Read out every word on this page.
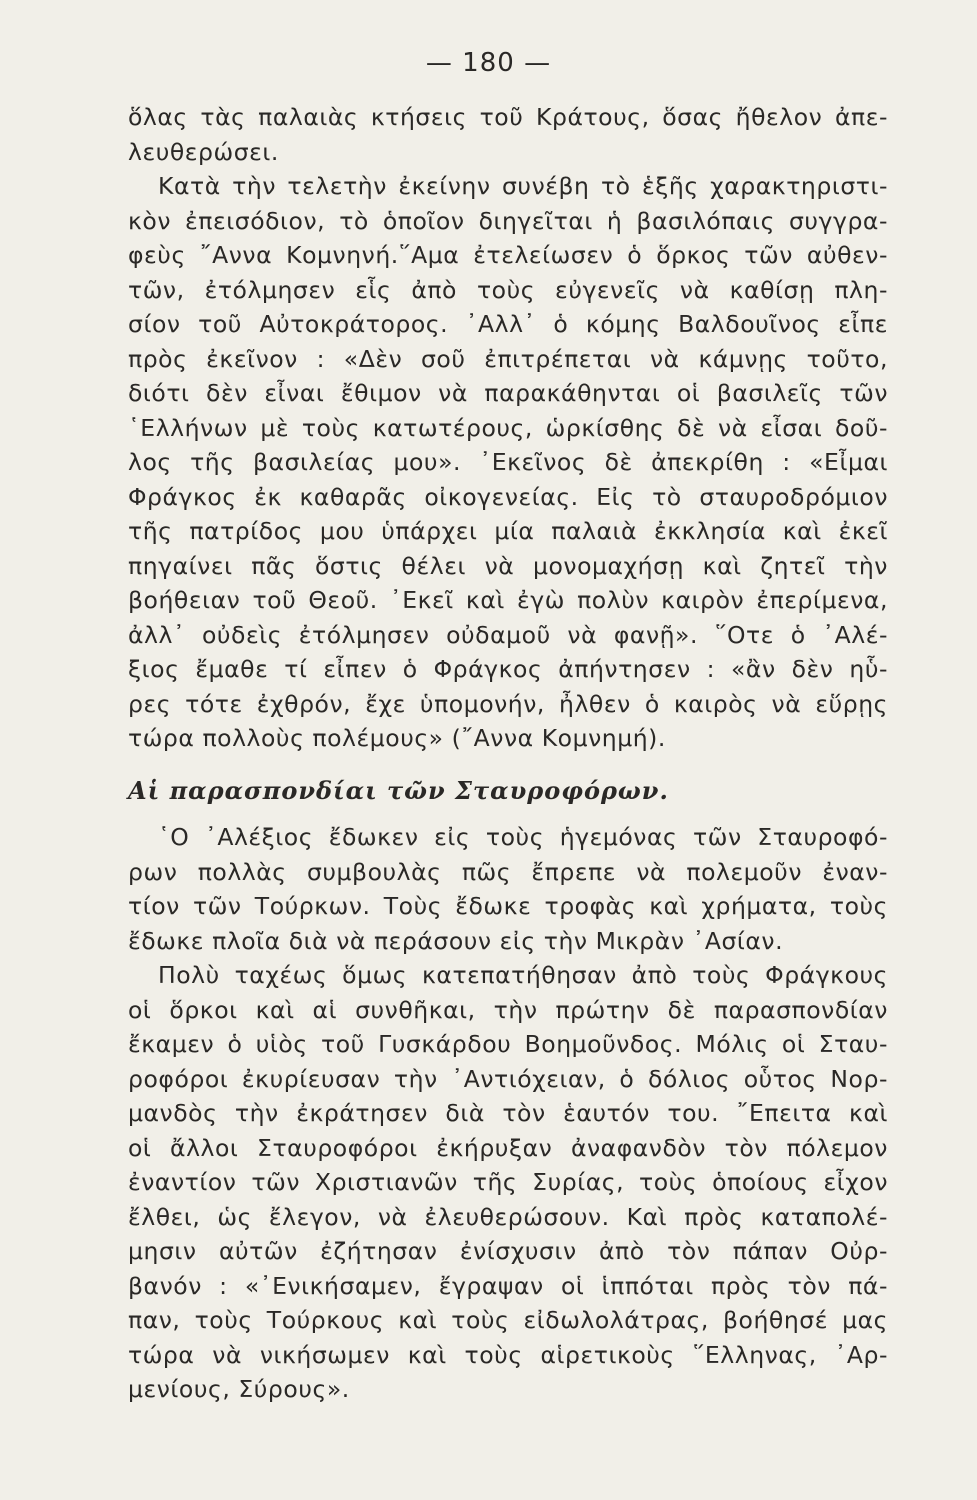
— 180 —
ὅλας τὰς παλαιὰς κτήσεις τοῦ Κράτους, ὅσας ἤθελον ἀπε-
λευθερώσει.
Κατὰ τὴν τελετὴν ἐκείνην συνέβη τὸ ἑξῆς χαρακτηριστι-
κὸν ἐπεισόδιον, τὸ ὁποῖον διηγεῖται ἡ βασιλόπαις συγγρα-
φεὺς ῎Αννα Κομνηνή.῞Αμα ἐτελείωσεν ὁ ὅρκος τῶν αὐθεν-
τῶν, ἐτόλμησεν εἷς ἀπὸ τοὺς εὐγενεῖς νὰ καθίσῃ πλη-
σίον τοῦ Αὐτοκράτορος. ᾿Αλλ᾿ ὁ κόμης Βαλδουῖνος εἶπε
πρὸς ἐκεῖνον : «Δὲν σοῦ ἐπιτρέπεται νὰ κάμνῃς τοῦτο,
διότι δὲν εἶναι ἔθιμον νὰ παρακάθηνται οἱ βασιλεῖς τῶν
῾Ελλήνων μὲ τοὺς κατωτέρους, ὡρκίσθης δὲ νὰ εἶσαι δοῦ-
λος τῆς βασιλείας μου». ᾿Εκεῖνος δὲ ἀπεκρίθη : «Εἶμαι
Φράγκος ἐκ καθαρᾶς οἰκογενείας. Εἰς τὸ σταυροδρόμιον
τῆς πατρίδος μου ὑπάρχει μία παλαιὰ ἐκκλησία καὶ ἐκεῖ
πηγαίνει πᾶς ὅστις θέλει νὰ μονομαχήσῃ καὶ ζητεῖ τὴν
βοήθειαν τοῦ Θεοῦ. ᾿Εκεῖ καὶ ἐγὼ πολὺν καιρὸν ἐπερίμενα,
ἀλλ᾿ οὐδεὶς ἐτόλμησεν οὐδαμοῦ νὰ φανῇ». ῞Οτε ὁ ᾿Αλέ-
ξιος ἔμαθε τί εἶπεν ὁ Φράγκος ἀπήντησεν : «ἂν δὲν ηὗ-
ρες τότε ἐχθρόν, ἔχε ὑπομονήν, ἦλθεν ὁ καιρὸς νὰ εὕρῃς
τώρα πολλοὺς πολέμους» (῎Αννα Κομνημή).
Αἱ παρασπονδίαι τῶν Σταυροφόρων.
῾Ο ᾿Αλέξιος ἔδωκεν εἰς τοὺς ἡγεμόνας τῶν Σταυροφό-
ρων πολλὰς συμβουλὰς πῶς ἔπρεπε νὰ πολεμοῦν ἐναν-
τίον τῶν Τούρκων. Τοὺς ἔδωκε τροφὰς καὶ χρήματα, τοὺς
ἔδωκε πλοῖα διὰ νὰ περάσουν εἰς τὴν Μικρὰν ᾿Ασίαν.
Πολὺ ταχέως ὅμως κατεπατήθησαν ἀπὸ τοὺς Φράγκους
οἱ ὅρκοι καὶ αἱ συνθῆκαι, τὴν πρώτην δὲ παρασπονδίαν
ἔκαμεν ὁ υἱὸς τοῦ Γυσκάρδου Βοημοῦνδος. Μόλις οἱ Σταυ-
ροφόροι ἐκυρίευσαν τὴν ᾿Αντιόχειαν, ὁ δόλιος οὗτος Νορ-
μανδὸς τὴν ἐκράτησεν διὰ τὸν ἑαυτόν του. ῎Επειτα καὶ
οἱ ἄλλοι Σταυροφόροι ἐκήρυξαν ἀναφανδὸν τὸν πόλεμον
ἐναντίον τῶν Χριστιανῶν τῆς Συρίας, τοὺς ὁποίους εἶχον
ἔλθει, ὡς ἔλεγον, νὰ ἐλευθερώσουν. Καὶ πρὸς καταπολέ-
μησιν αὐτῶν ἐζήτησαν ἐνίσχυσιν ἀπὸ τὸν πάπαν Οὐρ-
βανόν : «᾿Ενικήσαμεν, ἔγραψαν οἱ ἱππόται πρὸς τὸν πά-
παν, τοὺς Τούρκους καὶ τοὺς εἰδωλολάτρας, βοήθησέ μας
τώρα νὰ νικήσωμεν καὶ τοὺς αἱρετικοὺς ῞Ελληνας, ᾿Αρ-
μενίους, Σύρους».
